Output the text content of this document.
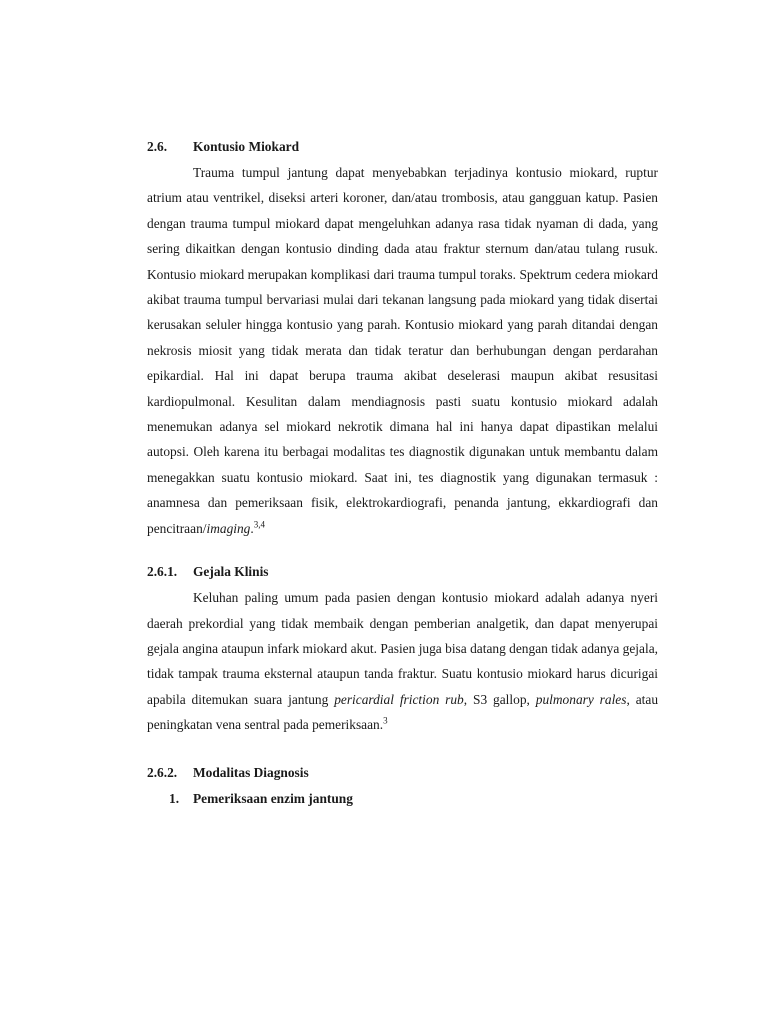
2.6.	Kontusio Miokard

Trauma tumpul jantung dapat menyebabkan terjadinya kontusio miokard, ruptur atrium atau ventrikel, diseksi arteri koroner, dan/atau trombosis, atau gangguan katup. Pasien dengan trauma tumpul miokard dapat mengeluhkan adanya rasa tidak nyaman di dada, yang sering dikaitkan dengan kontusio dinding dada atau fraktur sternum dan/atau tulang rusuk. Kontusio miokard merupakan komplikasi dari trauma tumpul toraks. Spektrum cedera miokard akibat trauma tumpul bervariasi mulai dari tekanan langsung pada miokard yang tidak disertai kerusakan seluler hingga kontusio yang parah. Kontusio miokard yang parah ditandai dengan nekrosis miosit yang tidak merata dan tidak teratur dan berhubungan dengan perdarahan epikardial. Hal ini dapat berupa trauma akibat deselerasi maupun akibat resusitasi kardiopulmonal. Kesulitan dalam mendiagnosis pasti suatu kontusio miokard adalah menemukan adanya sel miokard nekrotik dimana hal ini hanya dapat dipastikan melalui autopsi. Oleh karena itu berbagai modalitas tes diagnostik digunakan untuk membantu dalam menegakkan suatu kontusio miokard. Saat ini, tes diagnostik yang digunakan termasuk : anamnesa dan pemeriksaan fisik, elektrokardiografi, penanda jantung, ekkardiografi dan pencitraan/imaging.$^{3,4}$

2.6.1.	Gejala Klinis

Keluhan paling umum pada pasien dengan kontusio miokard adalah adanya nyeri daerah prekordial yang tidak membaik dengan pemberian analgetik, dan dapat menyerupai gejala angina ataupun infark miokard akut. Pasien juga bisa datang dengan tidak adanya gejala, tidak tampak trauma eksternal ataupun tanda fraktur. Suatu kontusio miokard harus dicurigai apabila ditemukan suara jantung pericardial friction rub, S3 gallop, pulmonary rales, atau peningkatan vena sentral pada pemeriksaan.$^3$

2.6.2.	Modalitas Diagnosis
1.	Pemeriksaan enzim jantung
